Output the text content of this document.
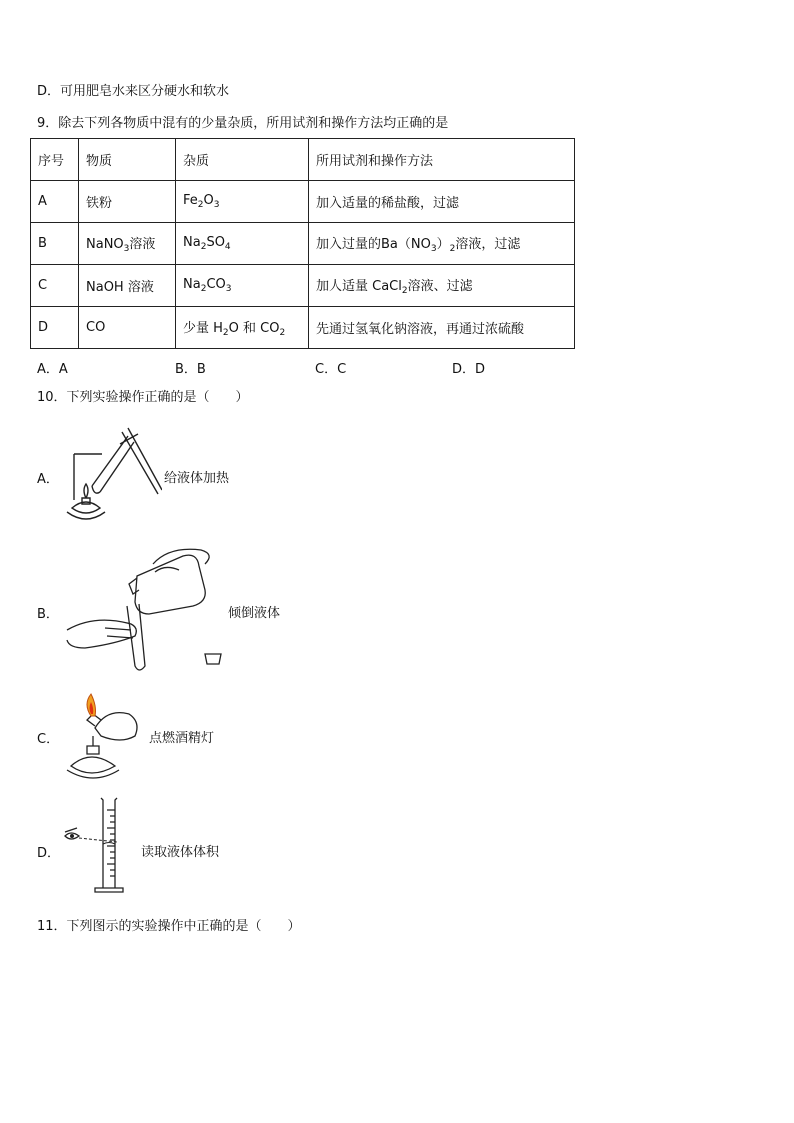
D．可用肥皂水来区分硬水和软水
9．除去下列各物质中混有的少量杂质，所用试剂和操作方法均正确的是
序号	物质	杂质	所用试剂和操作方法
A	铁粉	$Fe_2O_3$	加入适量的稀盐酸，过滤
B	NaNO$_3$溶液	$Na_2SO_4$	加入过量的$Ba(NO_3)_2$溶液，过滤
C	NaOH 溶液	$Na_2CO_3$	加人适量 CaCl$_2$溶液、过滤
D	CO	少量 $H_2O$ 和 $CO_2$	先通过氢氧化钠溶液，再通过浓硫酸
A．A	B．B	C．C	D．D
10．下列实验操作正确的是（　　）
A．	给液体加热
B．	倾倒液体
C．	点燃酒精灯
D．	读取液体体积
11．下列图示的实验操作中正确的是（　　）
